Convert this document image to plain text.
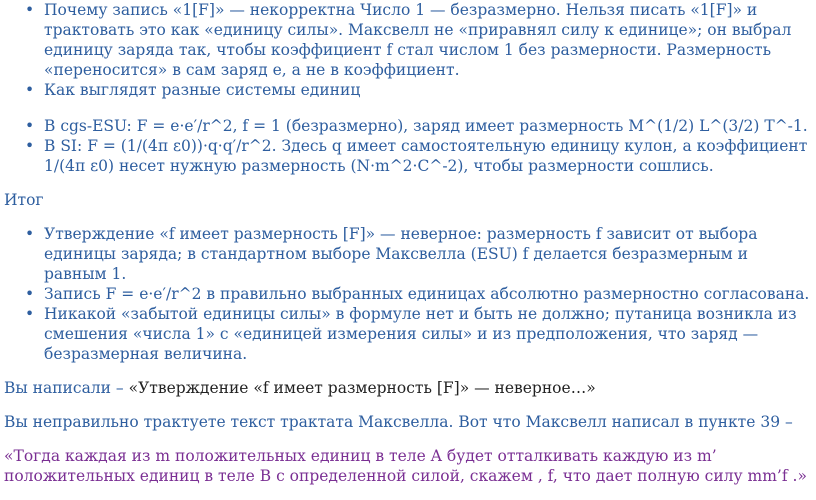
• Почему запись «1[F]» — некорректна Число 1 — безразмерно. Нельзя писать «1[F]» и трактовать это как «единицу силы». Максвелл не «приравнял силу к единице»; он выбрал единицу заряда так, чтобы коэффициент f стал числом 1 без размерности. Размерность «переносится» в сам заряд e, а не в коэффициент.
• Как выглядят разные системы единиц
• В cgs-ESU: F = e·e′/r^2, f = 1 (безразмерно), заряд имеет размерность M^(1/2) L^(3/2) T^-1.
• В SI: F = (1/(4π ε0))·q·q′/r^2. Здесь q имеет самостоятельную единицу кулон, а коэффициент 1/(4π ε0) несет нужную размерность (N·m^2·C^-2), чтобы размерности сошлись.
Итог
• Утверждение «f имеет размерность [F]» — неверное: размерность f зависит от выбора единицы заряда; в стандартном выборе Максвелла (ESU) f делается безразмерным и равным 1.
• Запись F = e·e′/r^2 в правильно выбранных единицах абсолютно размерностно согласована.
• Никакой «забытой единицы силы» в формуле нет и быть не должно; путаница возникла из смешения «числа 1» с «единицей измерения силы» и из предположения, что заряд — безразмерная величина.

Вы написали – «Утверждение «f имеет размерность [F]» — неверное…»

Вы неправильно трактуете текст трактата Максвелла. Вот что Максвелл написал в пункте 39 –

«Тогда каждая из m положительных единиц в теле A будет отталкивать каждую из m’ положительных единиц в теле B с определенной силой, скажем , f, что дает полную силу mm’f .»
